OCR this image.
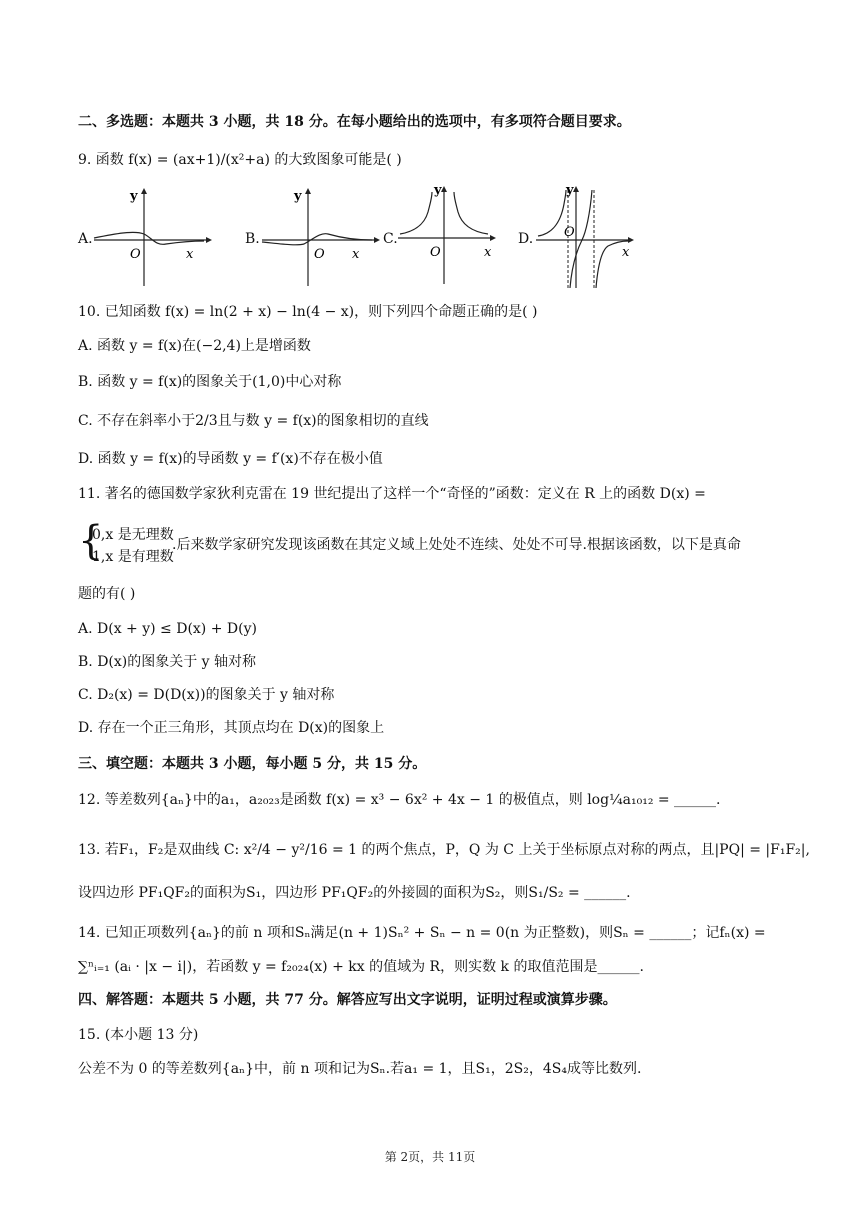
二、多选题：本题共 3 小题，共 18 分。在每小题给出的选项中，有多项符合题目要求。
9. 函数 f(x) = (ax+1)/(x²+a) 的大致图象可能是( )
A.
y
O	x
B.
y
O x
C.
y
O	x
D.
y
O
x
10. 已知函数 f(x) = ln(2 + x) − ln(4 − x)，则下列四个命题正确的是( )
A. 函数 y = f(x)在(−2,4)上是增函数
B. 函数 y = f(x)的图象关于(1,0)中心对称
C. 不存在斜率小于2/3且与数 y = f(x)的图象相切的直线
D. 函数 y = f(x)的导函数 y = f′(x)不存在极小值
11. 著名的德国数学家狄利克雷在 19 世纪提出了这样一个“奇怪的”函数：定义在 R 上的函数 D(x) =
{
0,x 是无理数
1,x 是有理数
.后来数学家研究发现该函数在其定义域上处处不连续、处处不可导.根据该函数，以下是真命
题的有( )
A. D(x + y) ≤ D(x) + D(y)
B. D(x)的图象关于 y 轴对称
C. D₂(x) = D(D(x))的图象关于 y 轴对称
D. 存在一个正三角形，其顶点均在 D(x)的图象上
三、填空题：本题共 3 小题，每小题 5 分，共 15 分。
12. 等差数列{aₙ}中的a₁，a₂₀₂₃是函数 f(x) = x³ − 6x² + 4x − 1 的极值点，则 log¼a₁₀₁₂ = ______.
13. 若F₁，F₂是双曲线 C: x²/4 − y²/16 = 1 的两个焦点，P，Q 为 C 上关于坐标原点对称的两点，且|PQ| = |F₁F₂|,
设四边形 PF₁QF₂的面积为S₁，四边形 PF₁QF₂的外接圆的面积为S₂，则S₁/S₂ = ______.
14. 已知正项数列{aₙ}的前 n 项和Sₙ满足(n + 1)Sₙ² + Sₙ − n = 0(n 为正整数)，则Sₙ = ______；记fₙ(x) =
∑ⁿᵢ₌₁ (aᵢ · |x − i|)，若函数 y = f₂₀₂₄(x) + kx 的值域为 R，则实数 k 的取值范围是______.
四、解答题：本题共 5 小题，共 77 分。解答应写出文字说明，证明过程或演算步骤。
15. (本小题 13 分)
公差不为 0 的等差数列{aₙ}中，前 n 项和记为Sₙ.若a₁ = 1，且S₁，2S₂，4S₄成等比数列.
第 2页，共 11页
